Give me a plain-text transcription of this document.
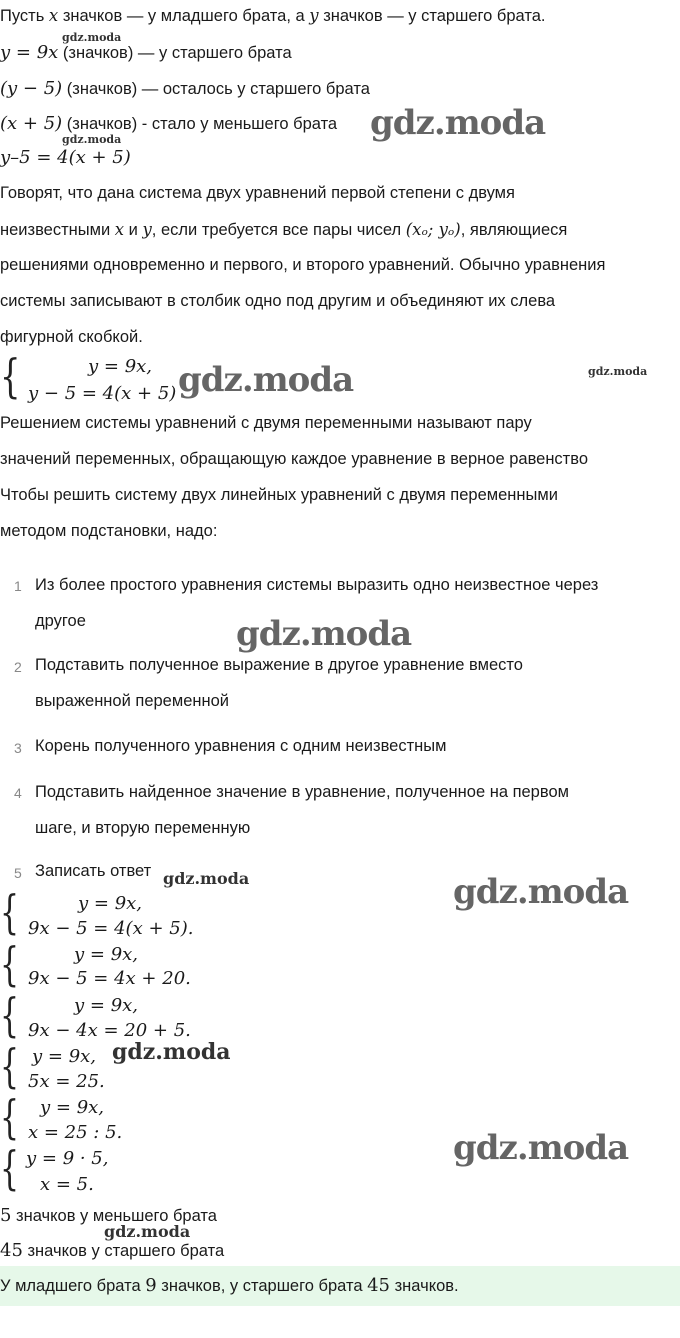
Пусть x значков — у младшего брата, а y значков — у старшего брата.
gdz.moda
y = 9x (значков) — у старшего брата
(y − 5) (значков) — осталось у старшего брата
(x + 5) (значков) - стало у меньшего брата gdz.moda
gdz.moda
y–5 = 4(x + 5)
Говорят, что дана система двух уравнений первой степени с двумя
неизвестными x и y, если требуется все пары чисел (xₒ; yₒ), являющиеся
решениями одновременно и первого, и второго уравнений. Обычно уравнения
системы записывают в столбик одно под другим и объединяют их слева
фигурной скобкой.
{	y = 9x,
y − 5 = 4(x + 5) gdz.moda	gdz.moda
Решением системы уравнений с двумя переменными называют пару
значений переменных, обращающую каждое уравнение в верное равенство
Чтобы решить систему двух линейных уравнений с двумя переменными
методом подстановки, надо:
1 Из более простого уравнения системы выразить одно неизвестное через
другое
2 Подставить полученное выражение в другое уравнение вместо
выраженной переменной
3 Корень полученного уравнения с одним неизвестным
4 Подставить найденное значение в уравнение, полученное на первом
шаге, и вторую переменную
5 Записать ответ
gdz.moda
gdz.moda
{	y = 9x,
9x − 5 = 4(x + 5).
{	y = 9x,
9x − 5 = 4x + 20.
{	y = 9x,
9x − 4x = 20 + 5.
{ y = 9x,
5x = 25.
{ y = 9x,
x = 25 : 5.
{ y = 9 · 5,
x = 5.
gdz.moda
gdz.moda
gdz.moda
5 значков у меньшего брата
gdz.moda
45 значков у старшего брата
У младшего брата 9 значков, у старшего брата 45 значков.
